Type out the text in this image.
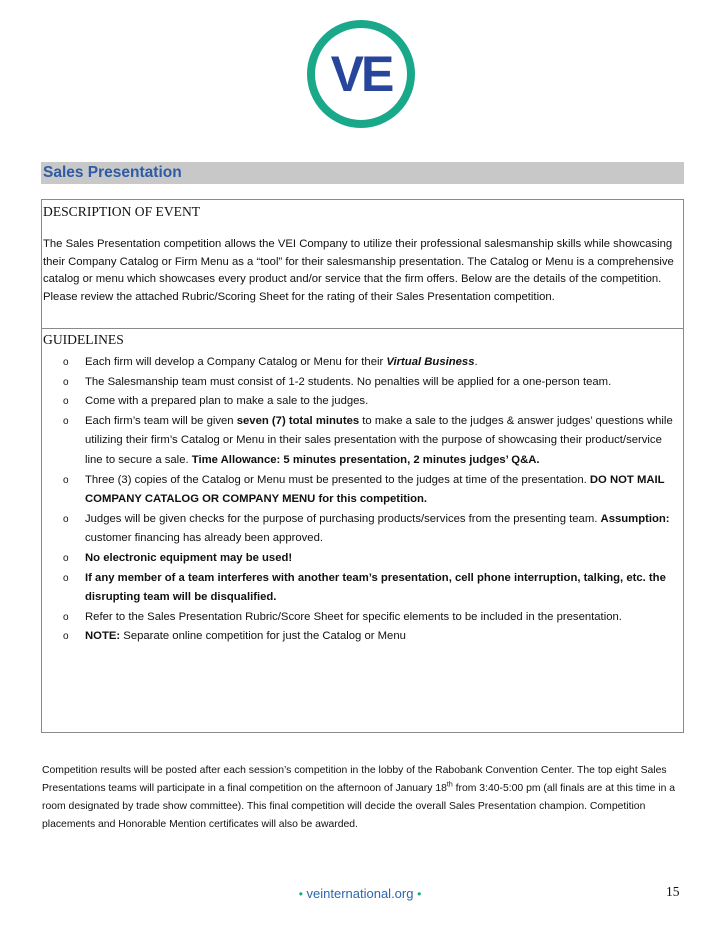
VE
Sales Presentation
DESCRIPTION OF EVENT
The Sales Presentation competition allows the VEI Company to utilize their professional salesmanship skills while showcasing their Company Catalog or Firm Menu as a “tool” for their salesmanship presentation. The Catalog or Menu is a comprehensive catalog or menu which showcases every product and/or service that the firm offers. Below are the details of the competition. Please review the attached Rubric/Scoring Sheet for the rating of their Sales Presentation competition.
GUIDELINES
o Each firm will develop a Company Catalog or Menu for their Virtual Business.
o The Salesmanship team must consist of 1-2 students. No penalties will be applied for a one-person team.
o Come with a prepared plan to make a sale to the judges.
o Each firm’s team will be given seven (7) total minutes to make a sale to the judges & answer judges’ questions while utilizing their firm’s Catalog or Menu in their sales presentation with the purpose of showcasing their product/service line to secure a sale. Time Allowance: 5 minutes presentation, 2 minutes judges’ Q&A.
o Three (3) copies of the Catalog or Menu must be presented to the judges at time of the presentation. DO NOT MAIL COMPANY CATALOG OR COMPANY MENU for this competition.
o Judges will be given checks for the purpose of purchasing products/services from the presenting team. Assumption: customer financing has already been approved.
o No electronic equipment may be used!
o If any member of a team interferes with another team’s presentation, cell phone interruption, talking, etc. the disrupting team will be disqualified.
o Refer to the Sales Presentation Rubric/Score Sheet for specific elements to be included in the presentation.
o NOTE: Separate online competition for just the Catalog or Menu
Competition results will be posted after each session’s competition in the lobby of the Rabobank Convention Center. The top eight Sales Presentations teams will participate in a final competition on the afternoon of January 18th from 3:40-5:00 pm (all finals are at this time in a room designated by trade show committee). This final competition will decide the overall Sales Presentation champion. Competition placements and Honorable Mention certificates will also be awarded.
• veinternational.org •	15
